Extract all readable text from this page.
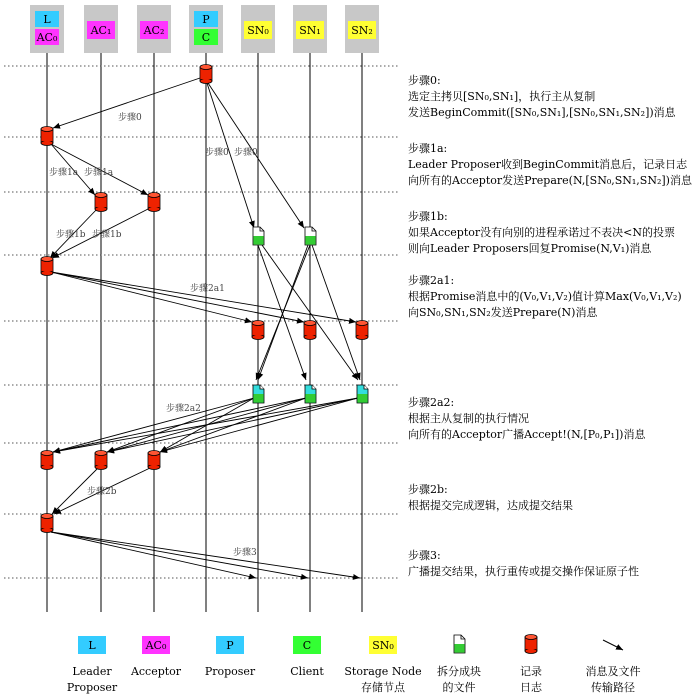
L
AC₀
AC₁	AC₂
P
C
SN₀	SN₁	SN₂
步骤0
步骤0 步骤0
步骤1a 步骤1a
步骤1b 步骤1b
步骤2a1
步骤2a2
步骤2b
步骤3
步骤0:
选定主拷贝[SN₀,SN₁]，执行主从复制
发送BeginCommit([SN₀,SN₁],[SN₀,SN₁,SN₂])消息
步骤1a:
Leader Proposer收到BeginCommit消息后，记录日志
向所有的Acceptor发送Prepare(N,[SN₀,SN₁,SN₂])消息
步骤1b:
如果Acceptor没有向别的进程承诺过不表决<N的投票
则向Leader Proposers回复Promise(N,V₁)消息
步骤2a1:
根据Promise消息中的(V₀,V₁,V₂)值计算Max(V₀,V₁,V₂)
向SN₀,SN₁,SN₂发送Prepare(N)消息
步骤2a2:
根据主从复制的执行情况
向所有的Acceptor广播Accept!(N,[P₀,P₁])消息
步骤2b:
根据提交完成逻辑，达成提交结果
步骤3:
广播提交结果，执行重传或提交操作保证原子性
L
Leader
Proposer
AC₀
Acceptor
P
Proposer
C
Client
SN₀
Storage Node
存储节点
拆分成块
的文件
记录
日志
消息及文件
传输路径
